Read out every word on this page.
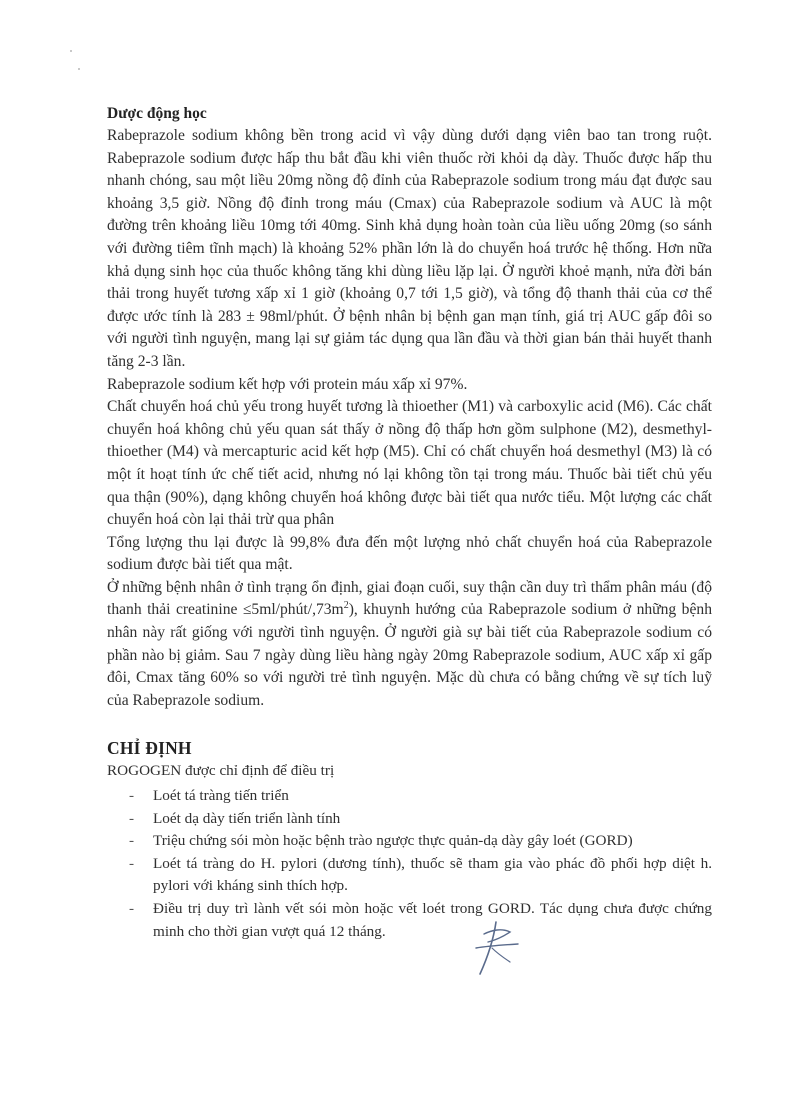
Dược động học

Rabeprazole sodium không bền trong acid vì vậy dùng dưới dạng viên bao tan trong ruột. Rabeprazole sodium được hấp thu bắt đầu khi viên thuốc rời khỏi dạ dày. Thuốc được hấp thu nhanh chóng, sau một liều 20mg nồng độ đỉnh của Rabeprazole sodium trong máu đạt được sau khoảng 3,5 giờ. Nồng độ đỉnh trong máu (Cmax) của Rabeprazole sodium và AUC là một đường trên khoảng liều 10mg tới 40mg. Sinh khả dụng hoàn toàn của liều uống 20mg (so sánh với đường tiêm tĩnh mạch) là khoảng 52% phần lớn là do chuyển hoá trước hệ thống. Hơn nữa khả dụng sinh học của thuốc không tăng khi dùng liều lặp lại. Ở người khoẻ mạnh, nửa đời bán thải trong huyết tương xấp xỉ 1 giờ (khoảng 0,7 tới 1,5 giờ), và tổng độ thanh thải của cơ thể được ước tính là 283 ± 98ml/phút. Ở bệnh nhân bị bệnh gan mạn tính, giá trị AUC gấp đôi so với người tình nguyện, mang lại sự giảm tác dụng qua lần đầu và thời gian bán thải huyết thanh tăng 2-3 lần.

Rabeprazole sodium kết hợp với protein máu xấp xỉ 97%.

Chất chuyển hoá chủ yếu trong huyết tương là thioether (M1) và carboxylic acid (M6). Các chất chuyển hoá không chủ yếu quan sát thấy ở nồng độ thấp hơn gồm sulphone (M2), desmethyl-thioether (M4) và mercapturic acid kết hợp (M5). Chỉ có chất chuyển hoá desmethyl (M3) là có một ít hoạt tính ức chế tiết acid, nhưng nó lại không tồn tại trong máu. Thuốc bài tiết chủ yếu qua thận (90%), dạng không chuyển hoá không được bài tiết qua nước tiểu. Một lượng các chất chuyển hoá còn lại thải trừ qua phân

Tổng lượng thu lại được là 99,8% đưa đến một lượng nhỏ chất chuyển hoá của Rabeprazole sodium được bài tiết qua mật.

Ở những bệnh nhân ở tình trạng ổn định, giai đoạn cuối, suy thận cần duy trì thẩm phân máu (độ thanh thải creatinine $\le 5ml/phút/,73m^2$), khuynh hướng của Rabeprazole sodium ở những bệnh nhân này rất giống với người tình nguyện. Ở người già sự bài tiết của Rabeprazole sodium có phần nào bị giảm. Sau 7 ngày dùng liều hàng ngày 20mg Rabeprazole sodium, AUC xấp xỉ gấp đôi, Cmax tăng 60% so với người trẻ tình nguyện. Mặc dù chưa có bằng chứng về sự tích luỹ của Rabeprazole sodium.

CHỈ ĐỊNH
ROGOGEN được chỉ định để điều trị
- Loét tá tràng tiến triển
- Loét dạ dày tiến triển lành tính
- Triệu chứng sói mòn hoặc bệnh trào ngược thực quản-dạ dày gây loét (GORD)
- Loét tá tràng do H. pylori (dương tính), thuốc sẽ tham gia vào phác đồ phối hợp diệt h. pylori với kháng sinh thích hợp.
- Điều trị duy trì lành vết sói mòn hoặc vết loét trong GORD. Tác dụng chưa được chứng minh cho thời gian vượt quá 12 tháng.
